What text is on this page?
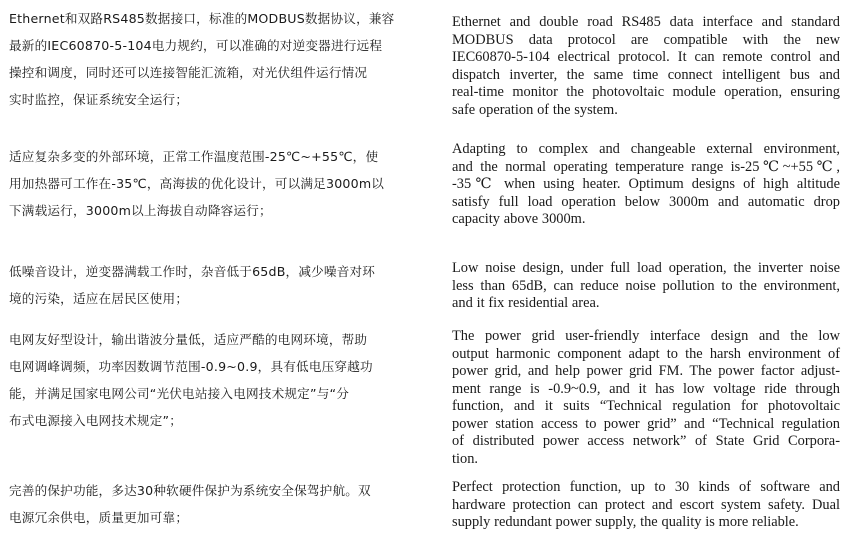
Ethernet和双路RS485数据接口，标准的MODBUS数据协议，兼容
最新的IEC60870-5-104电力规约，可以准确的对逆变器进行远程
操控和调度，同时还可以连接智能汇流箱，对光伏组件运行情况
实时监控，保证系统安全运行；
Ethernet and double road RS485 data interface and standard
MODBUS data protocol are compatible with the new
IEC60870-5-104 electrical protocol. It can remote control and
dispatch inverter, the same time connect intelligent bus and
real-time monitor the photovoltaic module operation, ensuring
safe operation of the system.
适应复杂多变的外部环境，正常工作温度范围-25℃~+55℃，使
用加热器可工作在-35℃，高海拔的优化设计，可以满足3000m以
下满载运行，3000m以上海拔自动降容运行；
Adapting to complex and changeable external environment,
and the normal operating temperature range is-25℃~+55℃,
-35℃ when using heater. Optimum designs of high altitude
satisfy full load operation below 3000m and automatic drop
capacity above 3000m.
低噪音设计，逆变器满载工作时，杂音低于65dB，减少噪音对环
境的污染，适应在居民区使用；
Low noise design, under full load operation, the inverter noise
less than 65dB, can reduce noise pollution to the environment,
and it fix residential area.
电网友好型设计，输出谐波分量低，适应严酷的电网环境，帮助
电网调峰调频，功率因数调节范围-0.9~0.9，具有低电压穿越功
能，并满足国家电网公司“光伏电站接入电网技术规定”与“分
布式电源接入电网技术规定”；
The power grid user-friendly interface design and the low
output harmonic component adapt to the harsh environment of
power grid, and help power grid FM. The power factor adjust-
ment range is -0.9~0.9, and it has low voltage ride through
function, and it suits “Technical regulation for photovoltaic
power station access to power grid” and “Technical regulation
of distributed power access network” of State Grid Corpora-
tion.
完善的保护功能，多达30种软硬件保护为系统安全保驾护航。双
电源冗余供电，质量更加可靠；
Perfect protection function, up to 30 kinds of software and
hardware protection can protect and escort system safety. Dual
supply redundant power supply, the quality is more reliable.
